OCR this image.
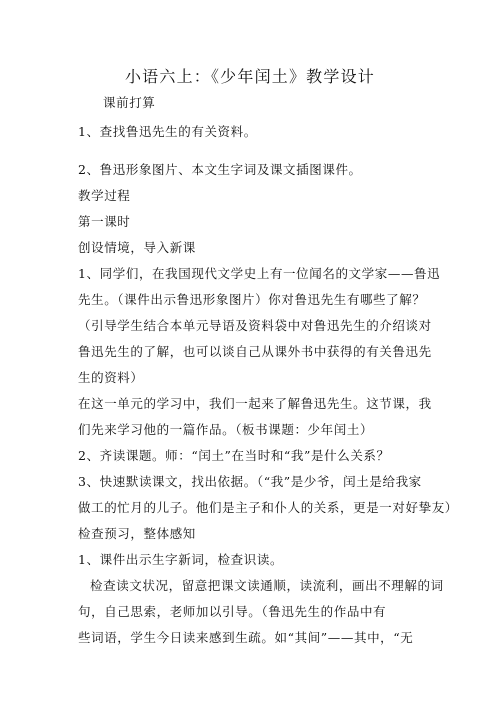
小语六上：《少年闰土》教学设计
课前打算
1、查找鲁迅先生的有关资料。
2、鲁迅形象图片、本文生字词及课文插图课件。
教学过程
第一课时
创设情境，导入新课
1、同学们，在我国现代文学史上有一位闻名的文学家——鲁迅
先生。（课件出示鲁迅形象图片）你对鲁迅先生有哪些了解？
（引导学生结合本单元导语及资料袋中对鲁迅先生的介绍谈对
鲁迅先生的了解，也可以谈自己从课外书中获得的有关鲁迅先
生的资料）
在这一单元的学习中，我们一起来了解鲁迅先生。这节课，我
们先来学习他的一篇作品。（板书课题：少年闰土）
2、齐读课题。师：“闰土”在当时和“我”是什么关系？
3、快速默读课文，找出依据。（“我”是少爷，闰土是给我家
做工的忙月的儿子。他们是主子和仆人的关系，更是一对好挚友）
检查预习，整体感知
1、课件出示生字新词，检查识读。
检查读文状况，留意把课文读通顺，读流利，画出不理解的词
句，自己思索，老师加以引导。（鲁迅先生的作品中有
些词语，学生今日读来感到生疏。如“其间”——其中，“无
